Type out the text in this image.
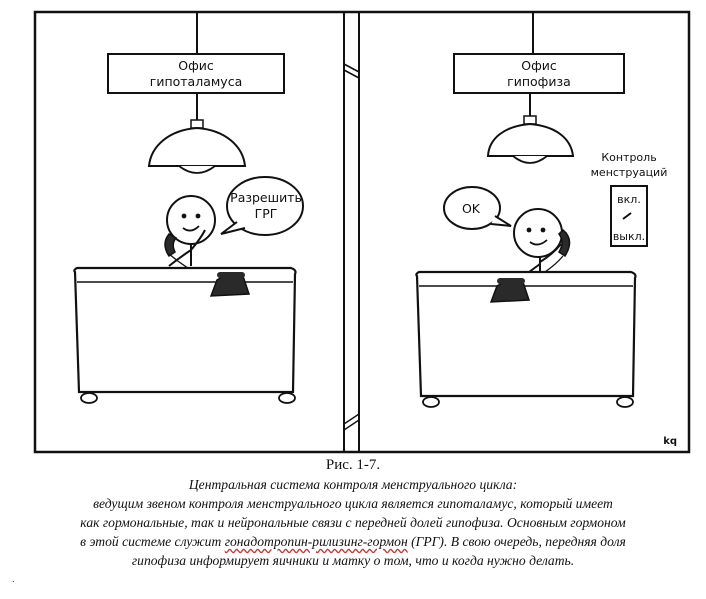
Офис
гипоталамуса
Разрешить
ГРГ
Офис
гипофиза
OK
Контроль
менструаций
вкл.
выкл.
kq
Рис. 1-7.
Центральная система контроля менструального цикла:
ведущим звеном контроля менструального цикла является гипоталамус, который имеет
как гормональные, так и нейрональные связи с передней долей гипофиза. Основным гормоном
в этой системе служит гонадотропин-рилизинг-гормон (ГРГ). В свою очередь, передняя доля
гипофиза информирует яичники и матку о том, что и когда нужно делать.
.
